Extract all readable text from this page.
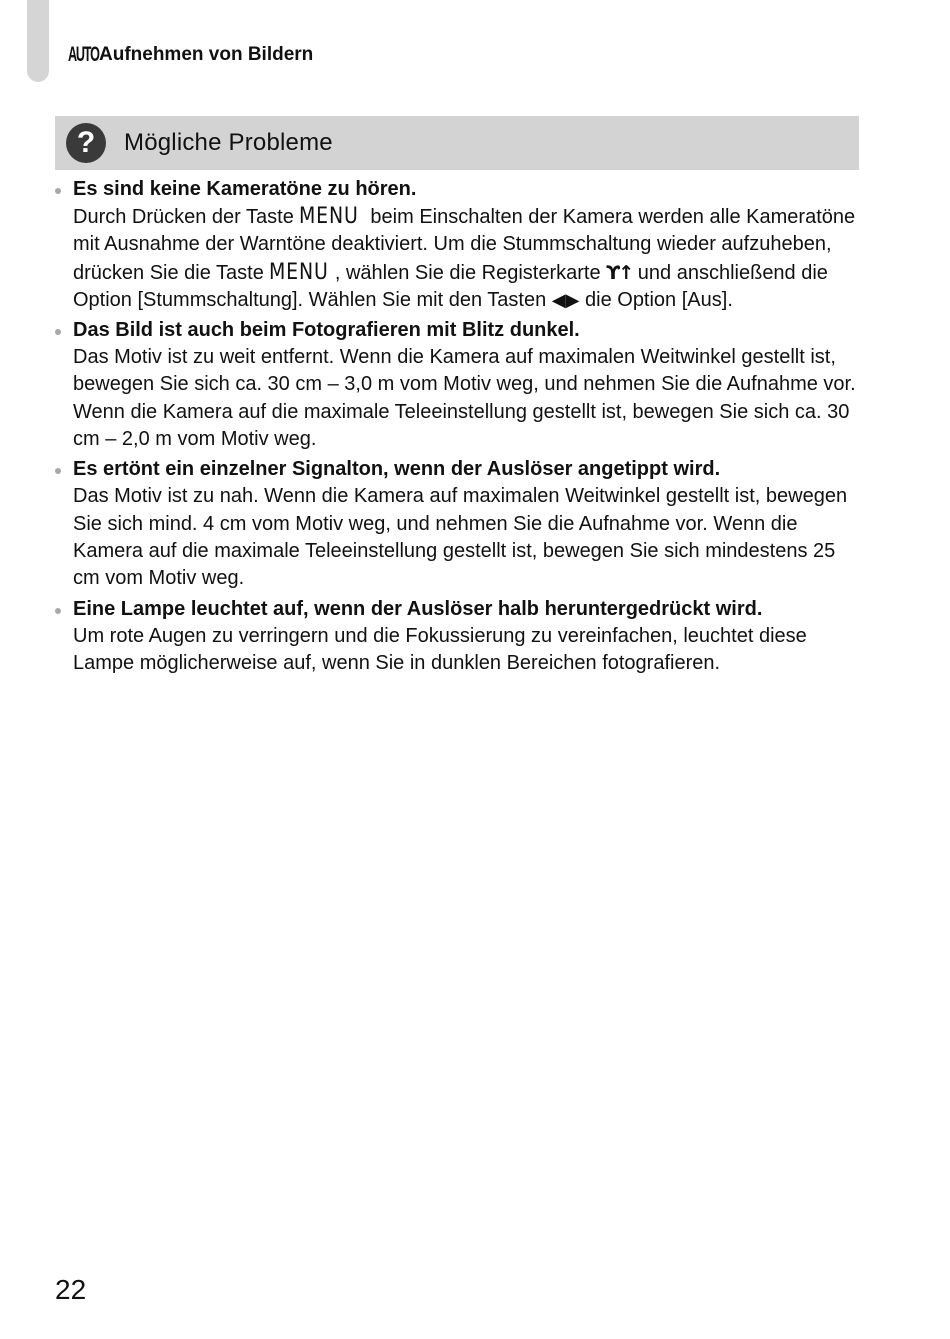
AUTO Aufnehmen von Bildern
?	Mögliche Probleme
Es sind keine Kameratöne zu hören.
Durch Drücken der Taste MENU beim Einschalten der Kamera werden alle Kameratöne mit Ausnahme der Warntöne deaktiviert. Um die Stummschaltung wieder aufzuheben, drücken Sie die Taste MENU , wählen Sie die Registerkarte ϒ↑ und anschließend die Option [Stummschaltung]. Wählen Sie mit den Tasten ◀▶ die Option [Aus].
Das Bild ist auch beim Fotografieren mit Blitz dunkel.
Das Motiv ist zu weit entfernt. Wenn die Kamera auf maximalen Weitwinkel gestellt ist, bewegen Sie sich ca. 30 cm – 3,0 m vom Motiv weg, und nehmen Sie die Aufnahme vor. Wenn die Kamera auf die maximale Teleeinstellung gestellt ist, bewegen Sie sich ca. 30 cm – 2,0 m vom Motiv weg.
Es ertönt ein einzelner Signalton, wenn der Auslöser angetippt wird.
Das Motiv ist zu nah. Wenn die Kamera auf maximalen Weitwinkel gestellt ist, bewegen Sie sich mind. 4 cm vom Motiv weg, und nehmen Sie die Aufnahme vor. Wenn die Kamera auf die maximale Teleeinstellung gestellt ist, bewegen Sie sich mindestens 25 cm vom Motiv weg.
Eine Lampe leuchtet auf, wenn der Auslöser halb heruntergedrückt wird.
Um rote Augen zu verringern und die Fokussierung zu vereinfachen, leuchtet diese Lampe möglicherweise auf, wenn Sie in dunklen Bereichen fotografieren.
22
